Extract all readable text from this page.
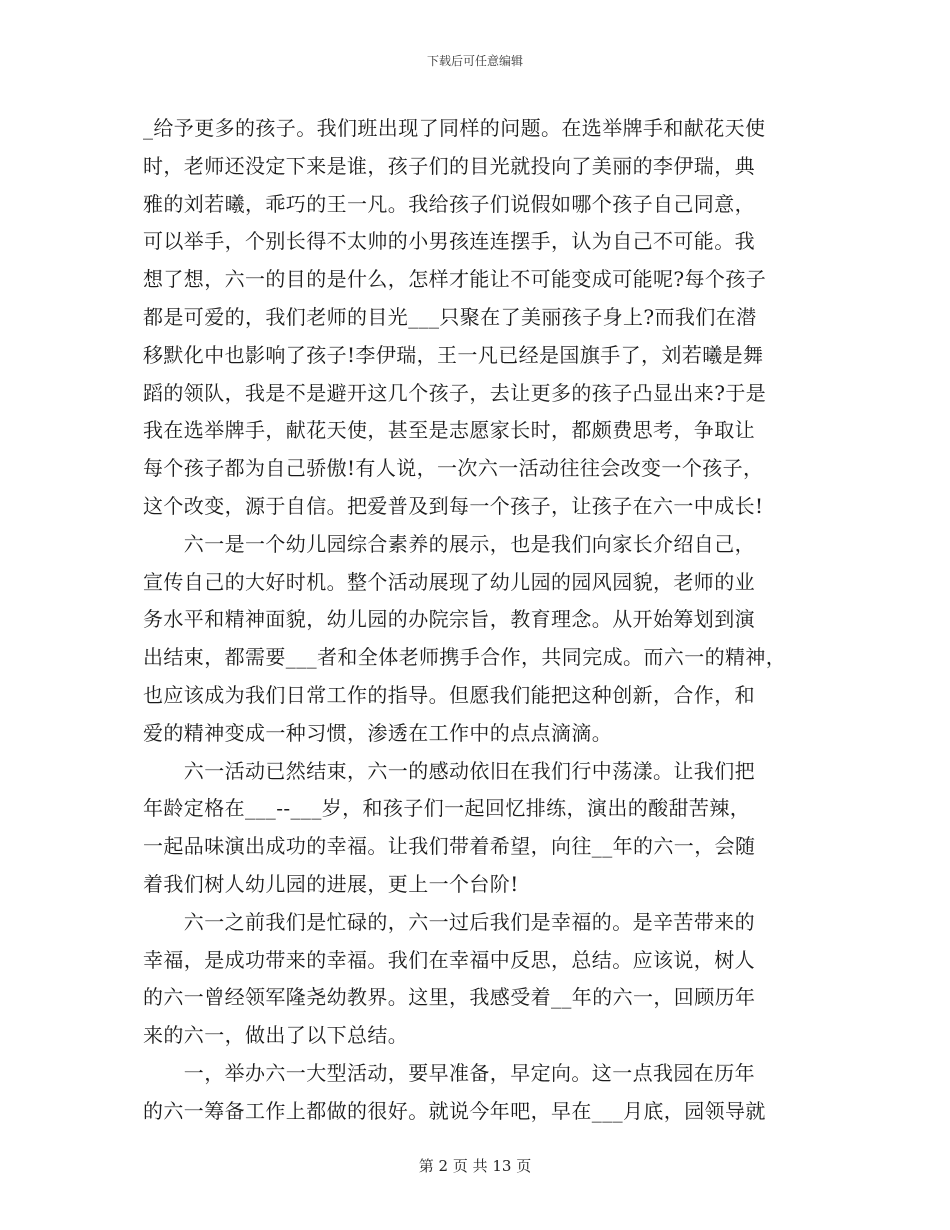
下载后可任意编辑
_给予更多的孩子。我们班出现了同样的问题。在选举牌手和献花天使
时，老师还没定下来是谁，孩子们的目光就投向了美丽的李伊瑞，典
雅的刘若曦，乖巧的王一凡。我给孩子们说假如哪个孩子自己同意，
可以举手，个别长得不太帅的小男孩连连摆手，认为自己不可能。我
想了想，六一的目的是什么，怎样才能让不可能变成可能呢?每个孩子
都是可爱的，我们老师的目光___只聚在了美丽孩子身上?而我们在潜
移默化中也影响了孩子!李伊瑞，王一凡已经是国旗手了，刘若曦是舞
蹈的领队，我是不是避开这几个孩子，去让更多的孩子凸显出来?于是
我在选举牌手，献花天使，甚至是志愿家长时，都颇费思考，争取让
每个孩子都为自己骄傲!有人说，一次六一活动往往会改变一个孩子，
这个改变，源于自信。把爱普及到每一个孩子，让孩子在六一中成长!
　　六一是一个幼儿园综合素养的展示，也是我们向家长介绍自己，
宣传自己的大好时机。整个活动展现了幼儿园的园风园貌，老师的业
务水平和精神面貌，幼儿园的办院宗旨，教育理念。从开始筹划到演
出结束，都需要___者和全体老师携手合作，共同完成。而六一的精神，
也应该成为我们日常工作的指导。但愿我们能把这种创新，合作，和
爱的精神变成一种习惯，渗透在工作中的点点滴滴。
　　六一活动已然结束，六一的感动依旧在我们行中荡漾。让我们把
年龄定格在___--___岁，和孩子们一起回忆排练，演出的酸甜苦辣，
一起品味演出成功的幸福。让我们带着希望，向往__年的六一，会随
着我们树人幼儿园的进展，更上一个台阶!
　　六一之前我们是忙碌的，六一过后我们是幸福的。是辛苦带来的
幸福，是成功带来的幸福。我们在幸福中反思，总结。应该说，树人
的六一曾经领军隆尧幼教界。这里，我感受着__年的六一，回顾历年
来的六一，做出了以下总结。
　　一，举办六一大型活动，要早准备，早定向。这一点我园在历年
的六一筹备工作上都做的很好。就说今年吧，早在___月底，园领导就
第 2 页 共 13 页
